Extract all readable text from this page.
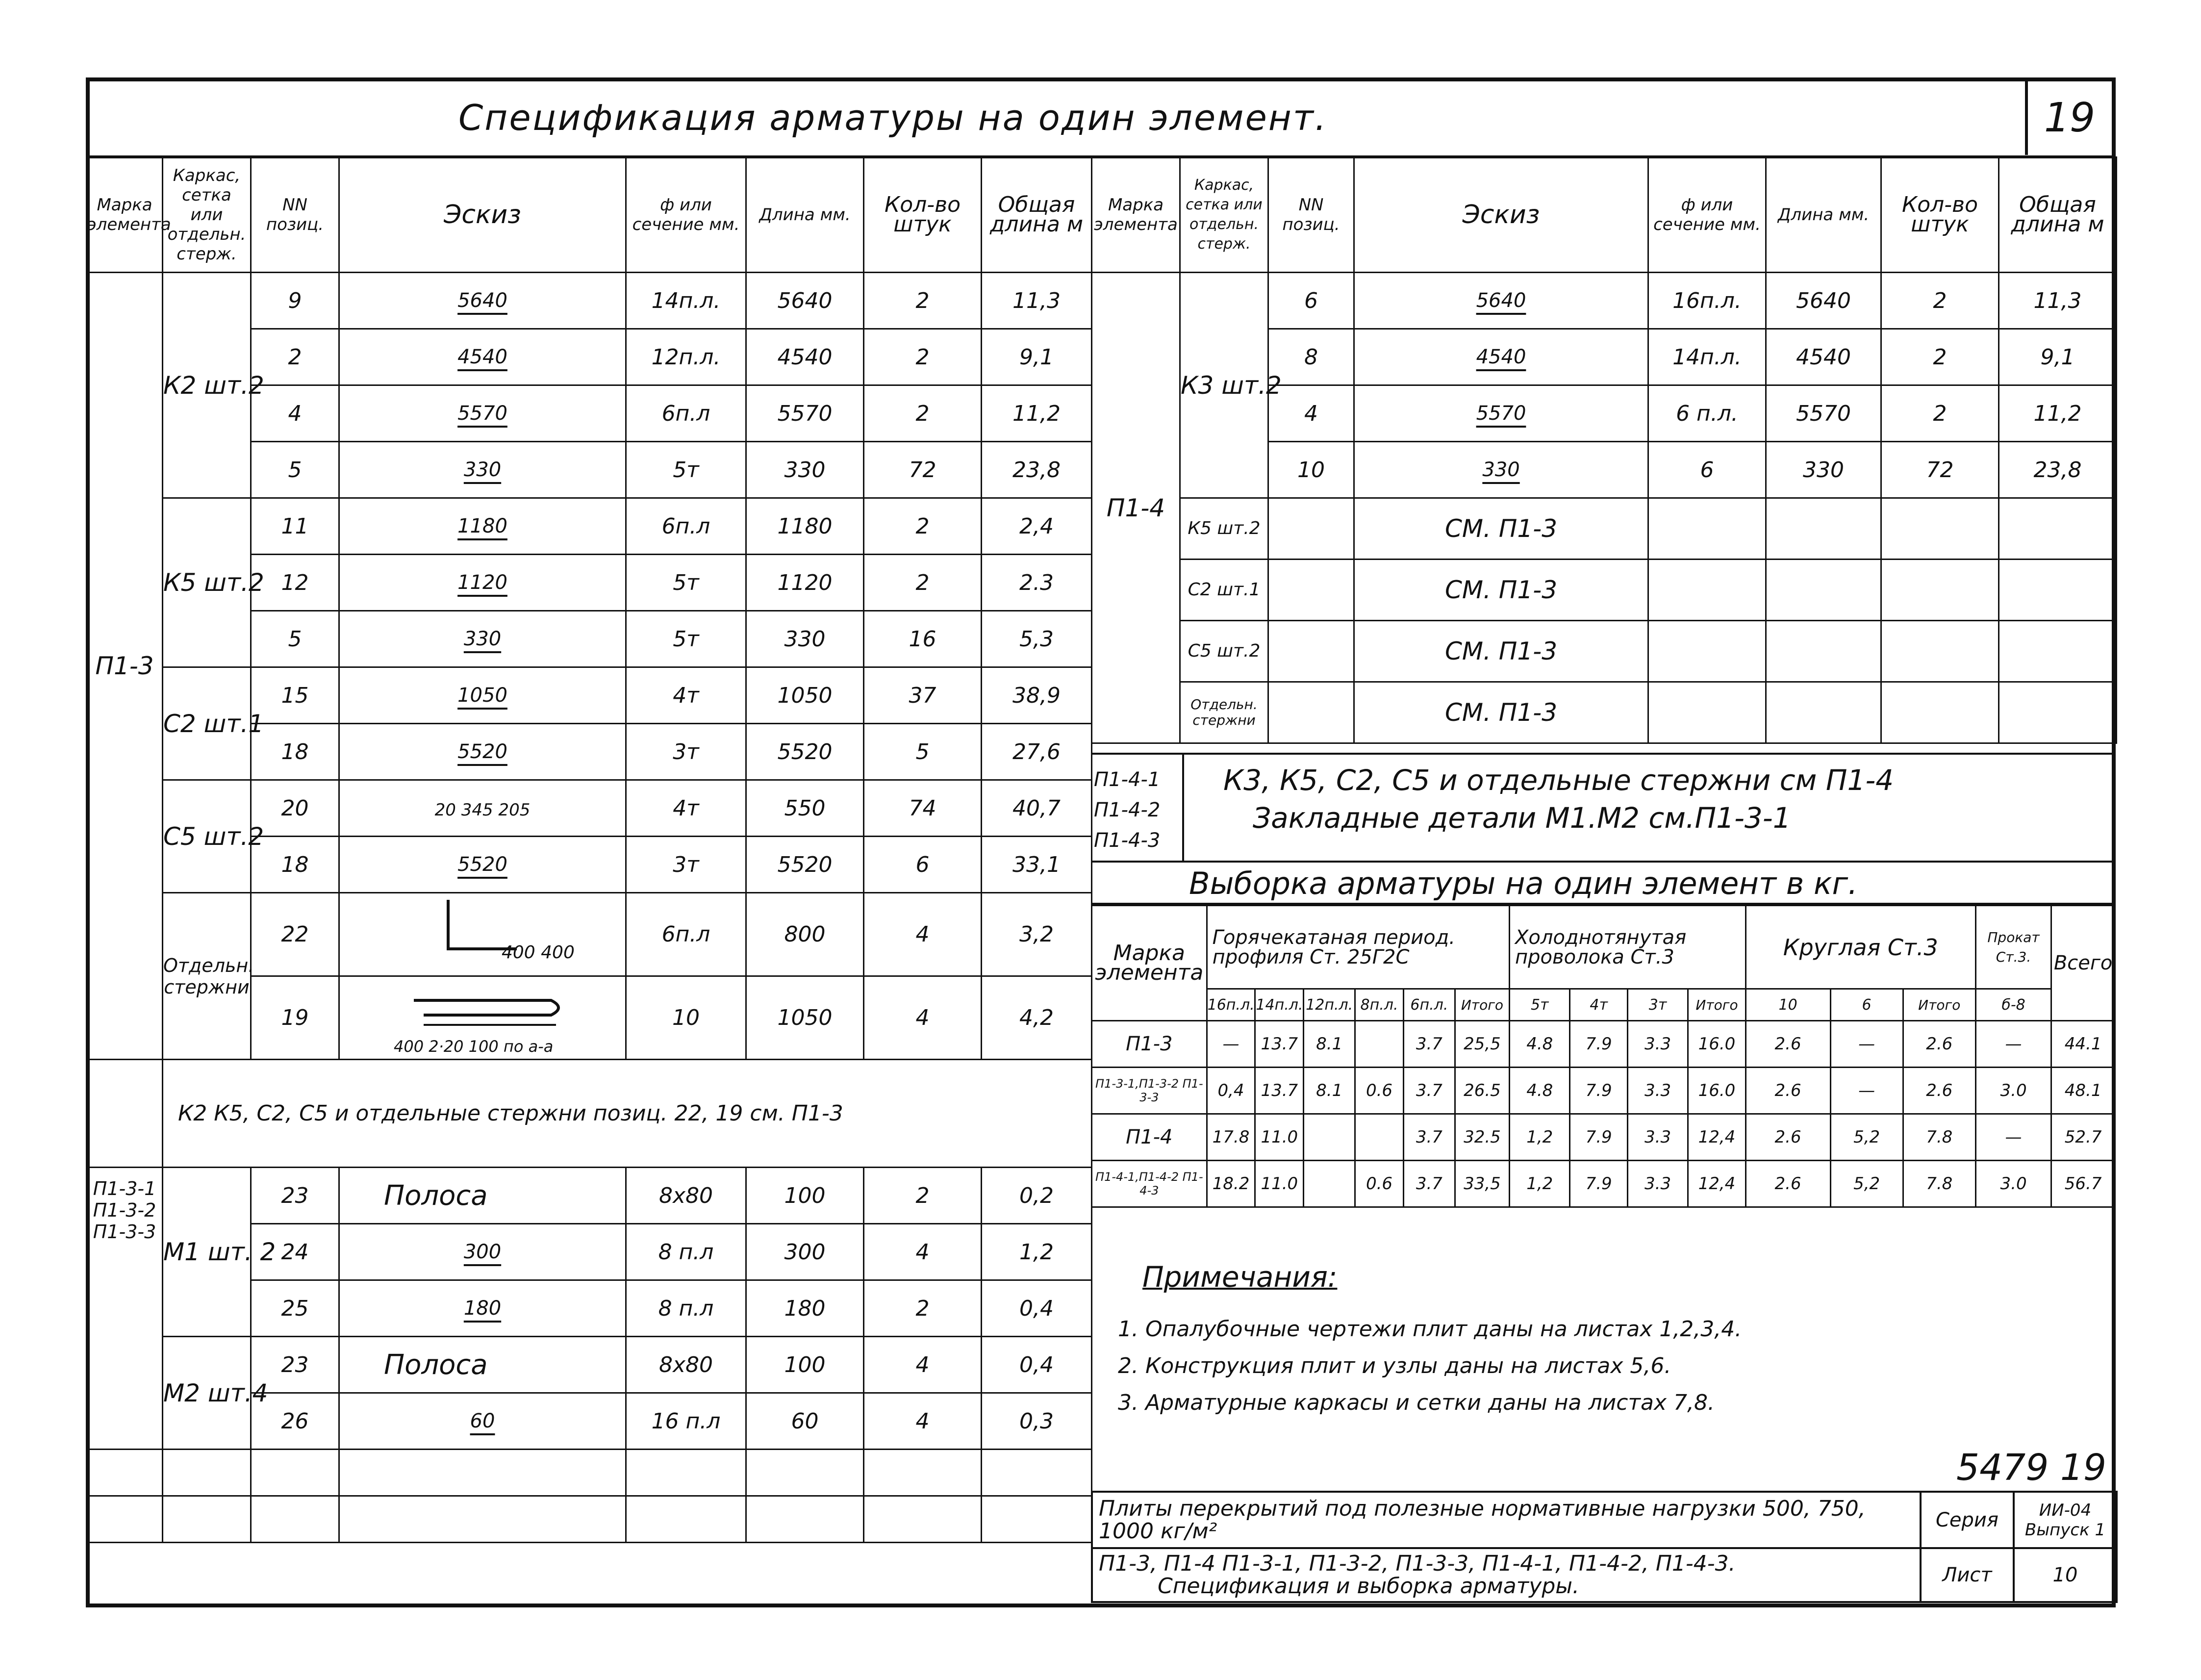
Спецификация арматуры на один элемент.	19
Марка элемента	Каркас, сетка или отдельн. стерж.	NN позиц.	Эскиз	ф или сечение мм.	Длина мм.	Кол-во штук	Общая длина м
П1-3	К2 шт.2	9	5640	14п.л.	5640	2	11,3
		2	4540	12п.л.	4540	2	9,1
		4	5570	6п.л	5570	2	11,2
		5	330	5т	330	72	23,8
	К5 шт.2	11	1180	6п.л	1180	2	2,4
		12	1120	5т	1120	2	2.3
		5	330	5т	330	16	5,3
	С2 шт.1	15	1050	4т	1050	37	38,9
		18	5520	3т	5520	5	27,6
	С5 шт.2	20	20 345 205	4т	550	74	40,7
		18	5520	3т	5520	6	33,1
	Отдельн. стержни	22	400 400	6п.л	800	4	3,2
		19	400 2·20 100 по а-а	10	1050	4	4,2
	К2 К5, С2, С5 и отдельные стержни позиц. 22, 19 см. П1-3						
П1-3-1 П1-3-2 П1-3-3	М1 шт. 2	23	Полоса	8х80	100	2	0,2
		24	300	8 п.л	300	4	1,2
		25	180	8 п.л	180	2	0,4
	М2 шт.4	23	Полоса	8х80	100	4	0,4
		26	60	16 п.л	60	4	0,3

Марка элемента	Каркас, сетка или отдельн. стерж.	NN позиц.	Эскиз	ф или сечение мм.	Длина мм.	Кол-во штук	Общая длина м
П1-4	К3 шт.2	6	5640	16п.л.	5640	2	11,3
		8	4540	14п.л.	4540	2	9,1
		4	5570	6 п.л.	5570	2	11,2
		10	330	6	330	72	23,8
	К5 шт.2		СМ. П1-3				
	С2 шт.1		СМ. П1-3				
	С5 шт.2		СМ. П1-3				
	Отдельн. стержни		СМ. П1-3				
П1-4-1 П1-4-2 П1-4-3
К3, К5, С2, С5 и отдельные стержни см П1-4
Закладные детали М1.М2 см.П1-3-1
Выборка арматуры на один элемент в кг.
Марка элемента	Горячекатаная период. профиля Ст. 25Г2С						Холоднотянутая проволока Ст.3				Круглая Ст.3			Прокат Ст.3.	Всего
	16п.л.	14п.л.	12п.л.	8п.л.	6п.л.	Итого	5т	4т	3т	Итого	10	6	Итого	б-8	
П1-3	—	13.7	8.1		3.7	25,5	4.8	7.9	3.3	16.0	2.6	—	2.6	—	44.1
П1-3-1,П1-3-2 П1-3-3	0,4	13.7	8.1	0.6	3.7	26.5	4.8	7.9	3.3	16.0	2.6	—	2.6	3.0	48.1
П1-4	17.8	11.0			3.7	32.5	1,2	7.9	3.3	12,4	2.6	5,2	7.8	—	52.7
П1-4-1,П1-4-2 П1-4-3	18.2	11.0		0.6	3.7	33,5	1,2	7.9	3.3	12,4	2.6	5,2	7.8	3.0	56.7
Примечания:
1. Опалубочные чертежи плит даны на листах 1,2,3,4.
2. Конструкция плит и узлы даны на листах 5,6.
3. Арматурные каркасы и сетки даны на листах 7,8.
5479 19
Плиты перекрытий под полезные нормативные нагрузки 500, 750, 1000 кг/м²	Серия	ИИ-04 Выпуск 1

П1-3, П1-4 П1-3-1, П1-3-2, П1-3-3, П1-4-1, П1-4-2, П1-4-3.
Спецификация и выборка арматуры.	Лист	10
